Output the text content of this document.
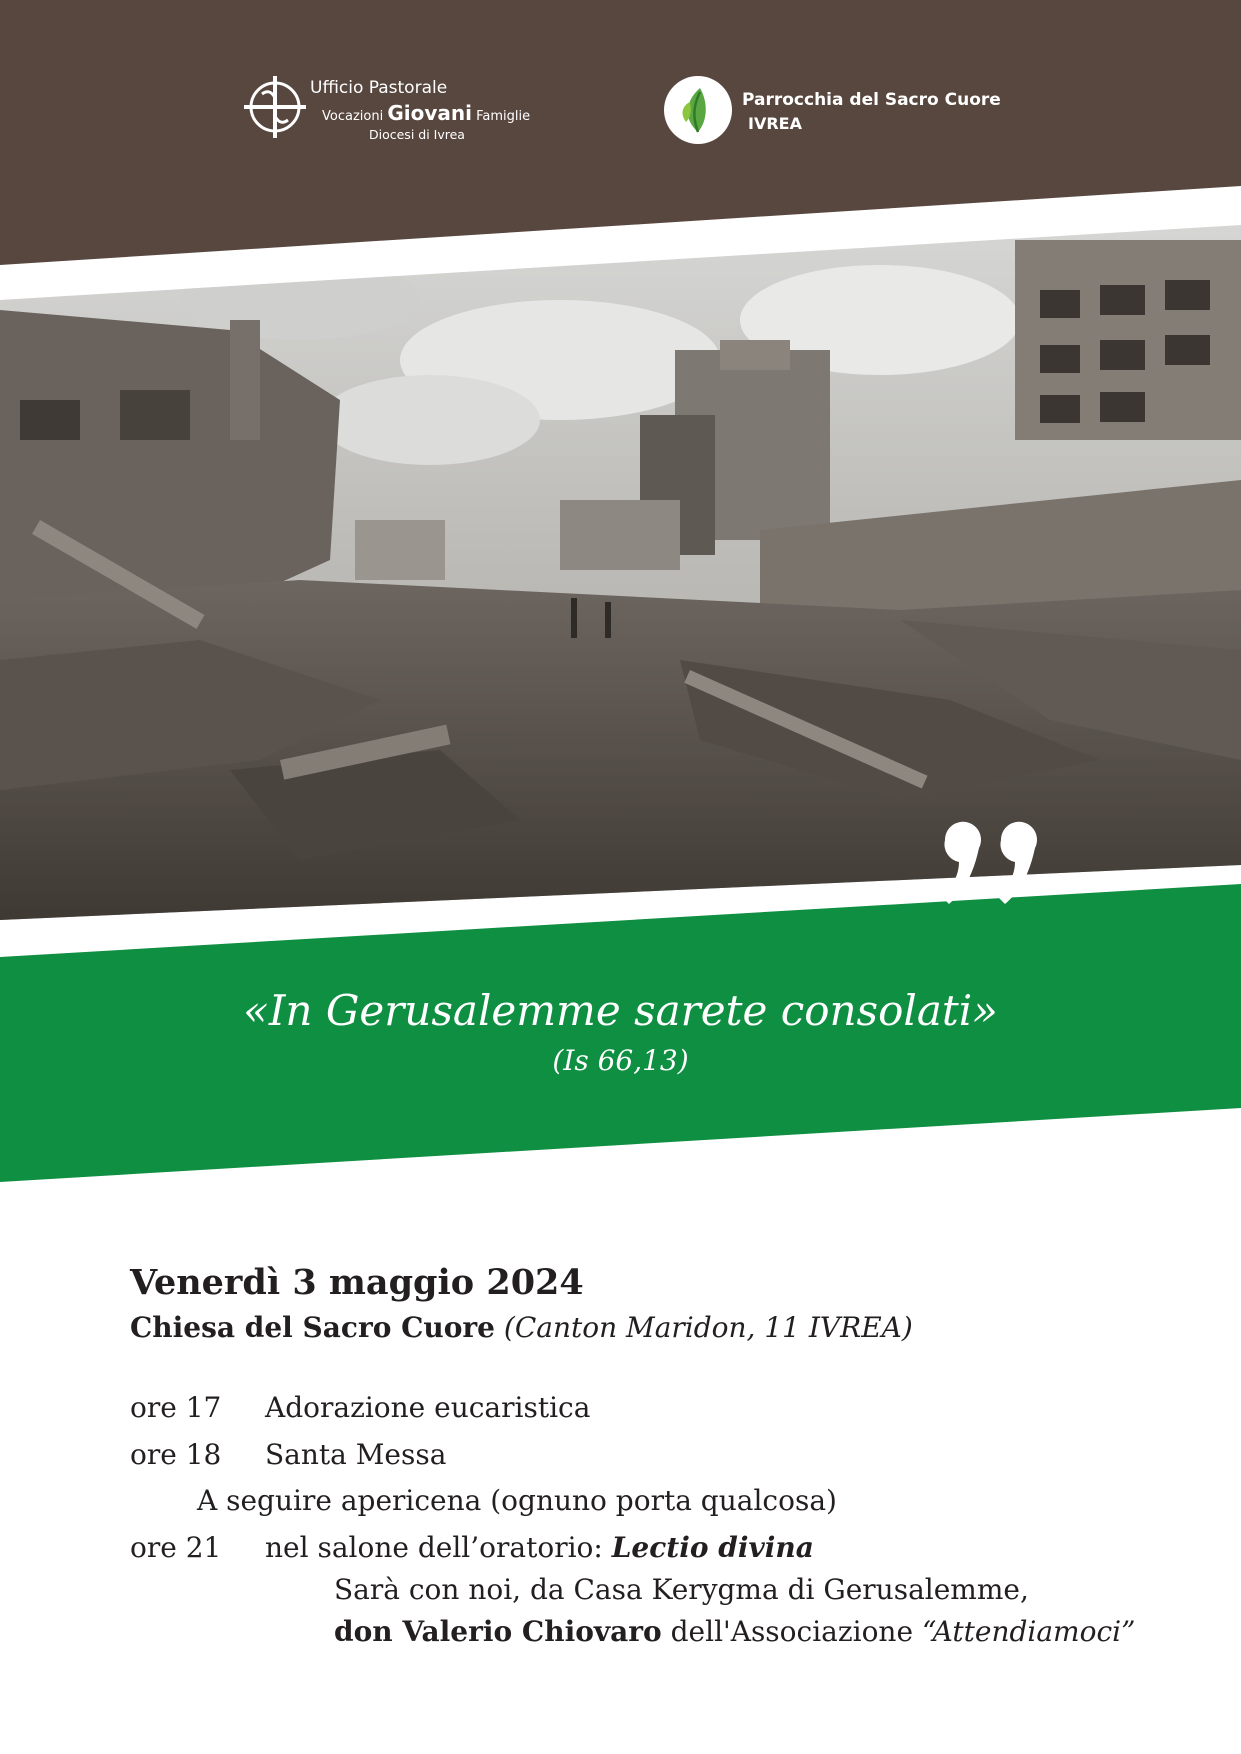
Ufficio Pastorale
Vocazioni Giovani Famiglie
Diocesi di Ivrea
Parrocchia del Sacro Cuore
IVREA
«In Gerusalemme sarete consolati»
(Is 66,13)
Venerdì 3 maggio 2024
Chiesa del Sacro Cuore (Canton Maridon, 11 IVREA)
ore 17 Adorazione eucaristica
ore 18 Santa Messa
A seguire apericena (ognuno porta qualcosa)
ore 21 nel salone dell’oratorio: Lectio divina
Sarà con noi, da Casa Kerygma di Gerusalemme,
don Valerio Chiovaro dell'Associazione “Attendiamoci”
